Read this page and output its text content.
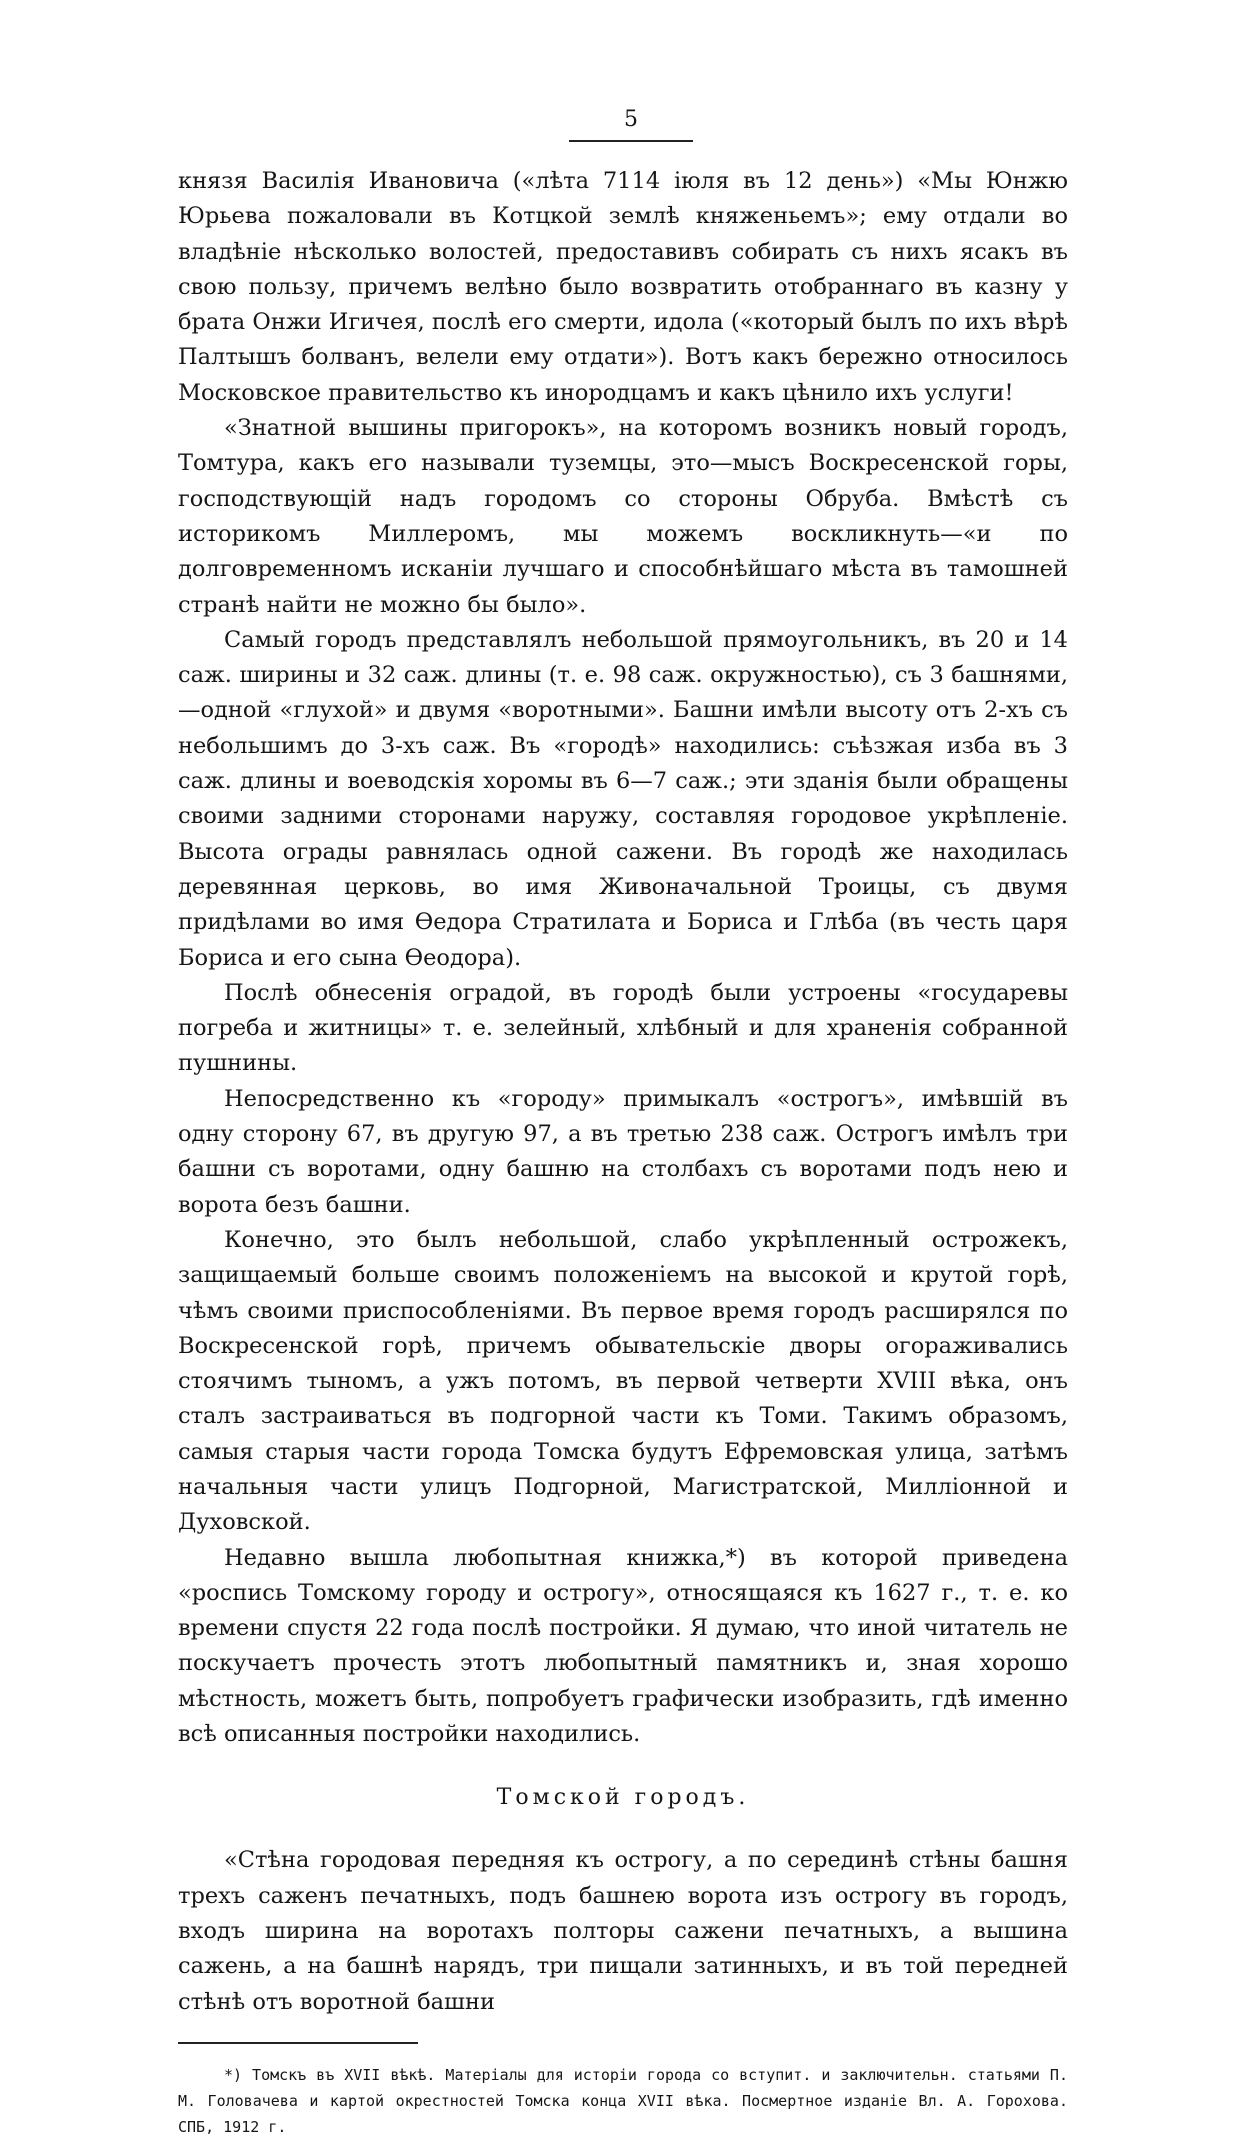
5

князя Василія Ивановича («лѣта 7114 іюля въ 12 день») «Мы Юнжю Юрьева пожаловали въ Котцкой землѣ княженьемъ»; ему отдали во владѣніе нѣсколько волостей, предоставивъ собирать съ нихъ ясакъ въ свою пользу, причемъ велѣно было возвратить отобраннаго въ казну у брата Онжи Игичея, послѣ его смерти, идола («который былъ по ихъ вѣрѣ Палтышъ болванъ, велели ему отдати»). Вотъ какъ бережно относилось Московское правительство къ инородцамъ и какъ цѣнило ихъ услуги!

«Знатной вышины пригорокъ», на которомъ возникъ новый городъ, Томтура, какъ его называли туземцы, это—мысъ Воскресенской горы, господствующій надъ городомъ со стороны Обруба. Вмѣстѣ съ историкомъ Миллеромъ, мы можемъ воскликнуть—«и по долговременномъ исканіи лучшаго и способнѣйшаго мѣста въ тамошней странѣ найти не можно бы было».

Самый городъ представлялъ небольшой прямоугольникъ, въ 20 и 14 саж. ширины и 32 саж. длины (т. е. 98 саж. окружностью), съ 3 башнями,—одной «глухой» и двумя «воротными». Башни имѣли высоту отъ 2-хъ съ небольшимъ до 3-хъ саж. Въ «городѣ» находились: съѣзжая изба въ 3 саж. длины и воеводскія хоромы въ 6—7 саж.; эти зданія были обращены своими задними сторонами наружу, составляя городовое укрѣпленіе. Высота ограды равнялась одной сажени. Въ городѣ же находилась деревянная церковь, во имя Живоначальной Троицы, съ двумя придѣлами во имя Ѳедора Стратилата и Бориса и Глѣба (въ честь царя Бориса и его сына Ѳеодора).

Послѣ обнесенія оградой, въ городѣ были устроены «государевы погреба и житницы» т. е. зелейный, хлѣбный и для храненія собранной пушнины.

Непосредственно къ «городу» примыкалъ «острогъ», имѣвшій въ одну сторону 67, въ другую 97, а въ третью 238 саж. Острогъ имѣлъ три башни съ воротами, одну башню на столбахъ съ воротами подъ нею и ворота безъ башни.

Конечно, это былъ небольшой, слабо укрѣпленный острожекъ, защищаемый больше своимъ положеніемъ на высокой и крутой горѣ, чѣмъ своими приспособленіями. Въ первое время городъ расширялся по Воскресенской горѣ, причемъ обывательскіе дворы огораживались стоячимъ тыномъ, а ужъ потомъ, въ первой четверти XVIII вѣка, онъ сталъ застраиваться въ подгорной части къ Томи. Такимъ образомъ, самыя старыя части города Томска будутъ Ефремовская улица, затѣмъ начальныя части улицъ Подгорной, Магистратской, Милліонной и Духовской.

Недавно вышла любопытная книжка,*) въ которой приведена «роспись Томскому городу и острогу», относящаяся къ 1627 г., т. е. ко времени спустя 22 года послѣ постройки. Я думаю, что иной читатель не поскучаетъ прочесть этотъ любопытный памятникъ и, зная хорошо мѣстность, можетъ быть, попробуетъ графически изобразить, гдѣ именно всѣ описанныя постройки находились.

Томской городъ.

«Стѣна городовая передняя къ острогу, а по серединѣ стѣны башня трехъ саженъ печатныхъ, подъ башнею ворота изъ острогу въ городъ, входъ ширина на воротахъ полторы сажени печатныхъ, а вышина сажень, а на башнѣ нарядъ, три пищали затинныхъ, и въ той передней стѣнѣ отъ воротной башни

*) Томскъ въ XVII вѣкѣ. Матеріалы для исторіи города со вступит. и заключительн. статьями П. М. Головачева и картой окрестностей Томска конца XVII вѣка. Посмертное изданіе Вл. А. Горохова. СПБ, 1912 г.
